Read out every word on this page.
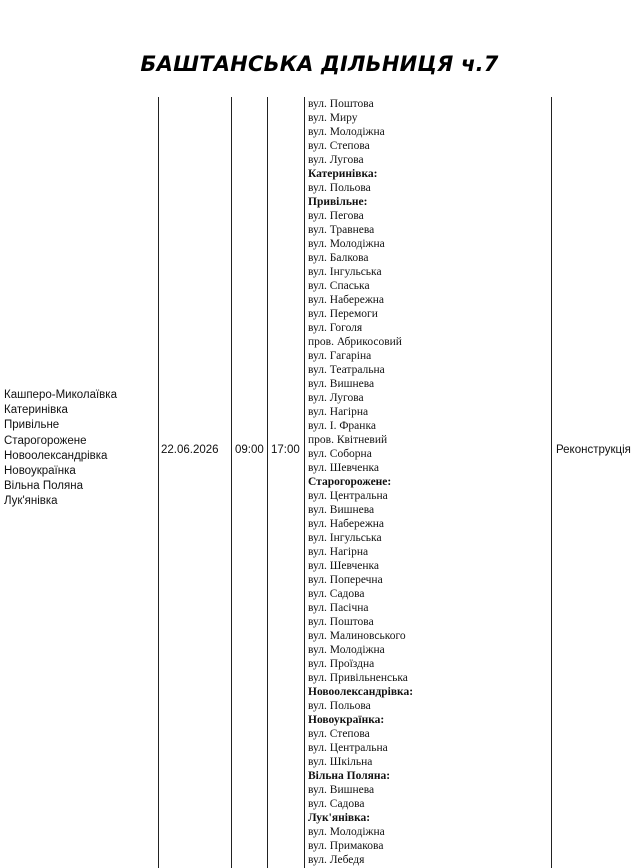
БАШТАНСЬКА ДІЛЬНИЦЯ ч.7
Кашперо-Миколаївка
Катеринівка
Привільне
Старогорожене
Новоолександрівка
Новоукраїнка
Вільна Поляна
Лук'янівка
22.06.2026 09:00 17:00	Реконструкція
вул. Поштова
вул. Миру
вул. Молодіжна
вул. Степова
вул. Лугова
Катеринівка:
вул. Польова
Привільне:
вул. Пегова
вул. Травнева
вул. Молодіжна
вул. Балкова
вул. Інгульська
вул. Спаська
вул. Набережна
вул. Перемоги
вул. Гоголя
пров. Абрикосовий
вул. Гагаріна
вул. Театральна
вул. Вишнева
вул. Лугова
вул. Нагірна
вул. І. Франка
пров. Квітневий
вул. Соборна
вул. Шевченка
Старогорожене:
вул. Центральна
вул. Вишнева
вул. Набережна
вул. Інгульська
вул. Нагірна
вул. Шевченка
вул. Поперечна
вул. Садова
вул. Пасічна
вул. Поштова
вул. Малиновського
вул. Молодіжна
вул. Проїздна
вул. Привільненська
Новоолександрівка:
вул. Польова
Новоукраїнка:
вул. Степова
вул. Центральна
вул. Шкільна
Вільна Поляна:
вул. Вишнева
вул. Садова
Лук'янівка:
вул. Молодіжна
вул. Примакова
вул. Лебедя
